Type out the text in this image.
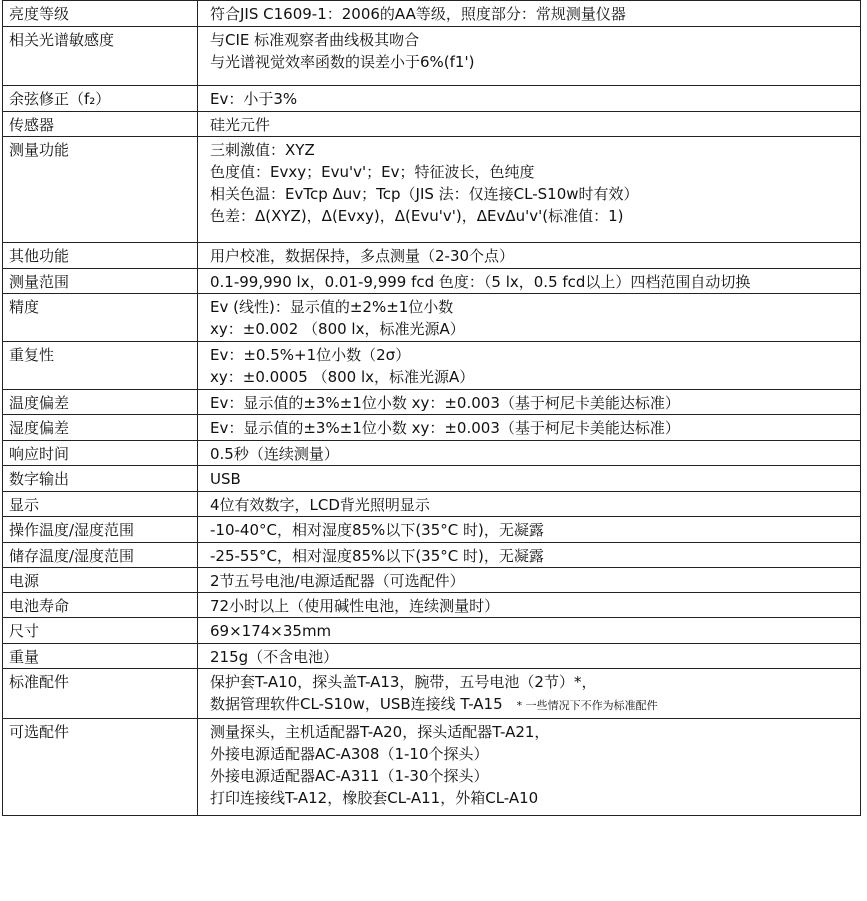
亮度等级	符合JIS C1609-1：2006的AA等级，照度部分：常规测量仪器

相关光谱敏感度	与CIE 标准观察者曲线极其吻合
与光谱视觉效率函数的误差小于6%(f1')

余弦修正（f₂）	Ev：小于3%

传感器	硅光元件

测量功能	三刺激值：XYZ
色度值：Evxy；Evu'v'；Ev；特征波长，色纯度
相关色温：EvTcp Δuv；Tcp（JIS 法：仅连接CL-S10w时有效）
色差：Δ(XYZ)，Δ(Evxy)，Δ(Evu'v')，ΔEvΔu'v'(标准值：1)

其他功能	用户校准，数据保持，多点测量（2-30个点）

测量范围	0.1-99,990 lx，0.01-9,999 fcd 色度：（5 lx，0.5 fcd以上）四档范围自动切换

精度	Ev (线性)：显示值的±2%±1位小数
xy：±0.002 （800 lx，标准光源A）

重复性	Ev：±0.5%+1位小数（2σ）
xy：±0.0005 （800 lx，标准光源A）

温度偏差	Ev：显示值的±3%±1位小数 xy：±0.003（基于柯尼卡美能达标准）

湿度偏差	Ev：显示值的±3%±1位小数 xy：±0.003（基于柯尼卡美能达标准）

响应时间	0.5秒（连续测量）

数字输出	USB

显示	4位有效数字，LCD背光照明显示

操作温度/湿度范围	-10-40°C，相对湿度85%以下(35°C 时)，无凝露

储存温度/湿度范围	-25-55°C，相对湿度85%以下(35°C 时)，无凝露

电源	2节五号电池/电源适配器（可选配件）

电池寿命	72小时以上（使用碱性电池，连续测量时）

尺寸	69×174×35mm

重量	215g（不含电池）

标准配件	保护套T-A10，探头盖T-A13，腕带，五号电池（2节）*，
数据管理软件CL-S10w，USB连接线 T-A15 * 一些情况下不作为标准配件

可选配件	测量探头，主机适配器T-A20，探头适配器T-A21，
外接电源适配器AC-A308（1-10个探头）
外接电源适配器AC-A311（1-30个探头）
打印连接线T-A12，橡胶套CL-A11，外箱CL-A10
